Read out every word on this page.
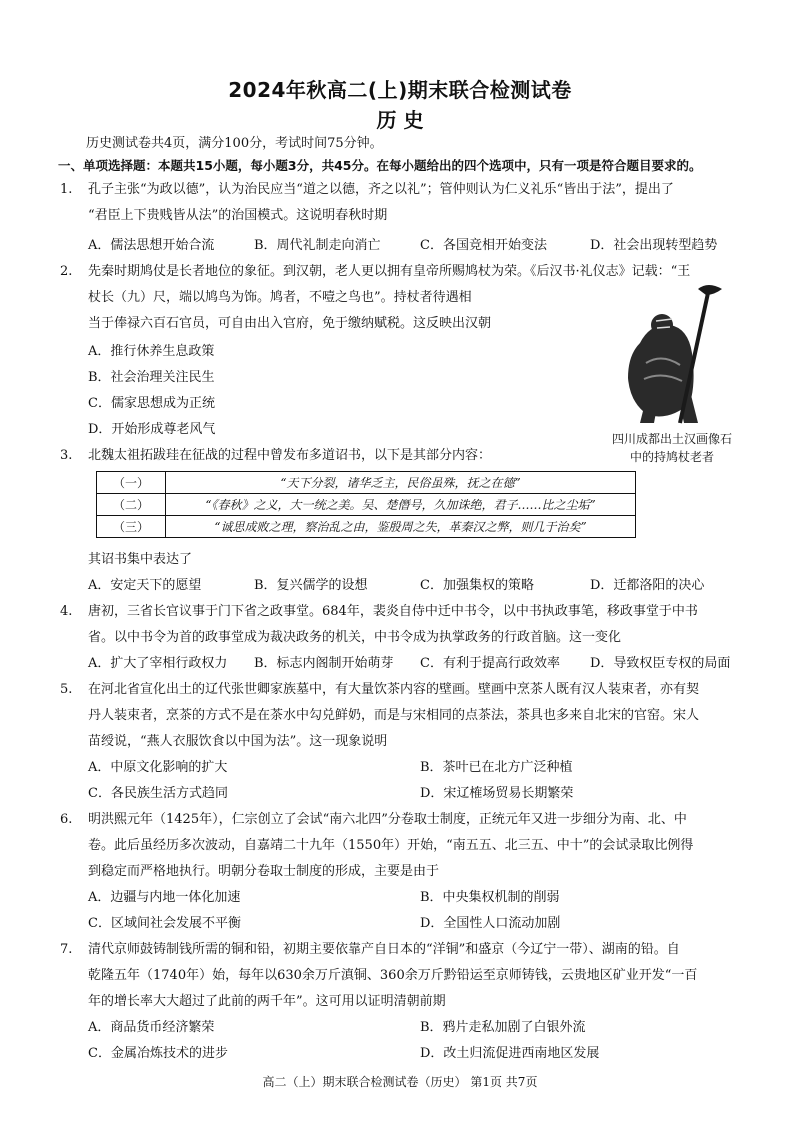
2024年秋高二(上)期末联合检测试卷
历 史
历史测试卷共4页，满分100分，考试时间75分钟。
一、单项选择题：本题共15小题，每小题3分，共45分。在每小题给出的四个选项中，只有一项是符合题目要求的。
1.	孔子主张“为政以德”，认为治民应当“道之以德，齐之以礼”；管仲则认为仁义礼乐“皆出于法”，提出了
“君臣上下贵贱皆从法”的治国模式。这说明春秋时期
A．儒法思想开始合流	B．周代礼制走向消亡	C．各国竞相开始变法	D．社会出现转型趋势
2.	先秦时期鸠仗是长者地位的象征。到汉朝，老人更以拥有皇帝所赐鸠杖为荣。《后汉书·礼仪志》记载：“王
杖长（九）尺，端以鸠鸟为饰。鸠者，不噎之鸟也”。持杖者待遇相
当于俸禄六百石官员，可自由出入官府，免于缴纳赋税。这反映出汉朝
A．推行休养生息政策
B．社会治理关注民生
C．儒家思想成为正统
D．开始形成尊老风气
四川成都出土汉画像石
中的持鸠杖老者
3.	北魏太祖拓跋珪在征战的过程中曾发布多道诏书，以下是其部分内容：
（一）	“天下分裂，诸华乏主，民俗虽殊，抚之在德”
（二）	“《春秋》之义，大一统之美。吴、楚僭号，久加诛绝，君子……比之尘垢”
（三）	“诚思成败之理，察治乱之由，鉴殷周之失，革秦汉之弊，则几于治矣”
其诏书集中表达了
A．安定天下的愿望	B．复兴儒学的设想	C．加强集权的策略	D．迁都洛阳的决心
4.	唐初，三省长官议事于门下省之政事堂。684年，裴炎自侍中迁中书令，以中书执政事笔，移政事堂于中书
省。以中书令为首的政事堂成为裁决政务的机关，中书令成为执掌政务的行政首脑。这一变化
A．扩大了宰相行政权力 B．标志内阁制开始萌芽 C．有利于提高行政效率 D．导致权臣专权的局面
5.	在河北省宣化出土的辽代张世卿家族墓中，有大量饮茶内容的壁画。壁画中烹茶人既有汉人装束者，亦有契
丹人装束者，烹茶的方式不是在茶水中勾兑鲜奶，而是与宋相同的点茶法，茶具也多来自北宋的官窑。宋人
苗绶说，“燕人衣服饮食以中国为法”。这一现象说明
A．中原文化影响的扩大	B．茶叶已在北方广泛种植
C．各民族生活方式趋同	D．宋辽榷场贸易长期繁荣
6.	明洪熙元年（1425年），仁宗创立了会试“南六北四”分卷取士制度，正统元年又进一步细分为南、北、中
卷。此后虽经历多次波动，自嘉靖二十九年（1550年）开始，“南五五、北三五、中十”的会试录取比例得
到稳定而严格地执行。明朝分卷取士制度的形成，主要是由于
A．边疆与内地一体化加速	B．中央集权机制的削弱
C．区域间社会发展不平衡	D．全国性人口流动加剧
7.	清代京师鼓铸制钱所需的铜和铅，初期主要依靠产自日本的“洋铜”和盛京（今辽宁一带）、湖南的铅。自
乾隆五年（1740年）始，每年以630余万斤滇铜、360余万斤黔铅运至京师铸钱，云贵地区矿业开发“一百
年的增长率大大超过了此前的两千年”。这可用以证明清朝前期
A．商品货币经济繁荣	B．鸦片走私加剧了白银外流
C．金属冶炼技术的进步	D．改土归流促进西南地区发展
高二（上）期末联合检测试卷（历史） 第1页 共7页
